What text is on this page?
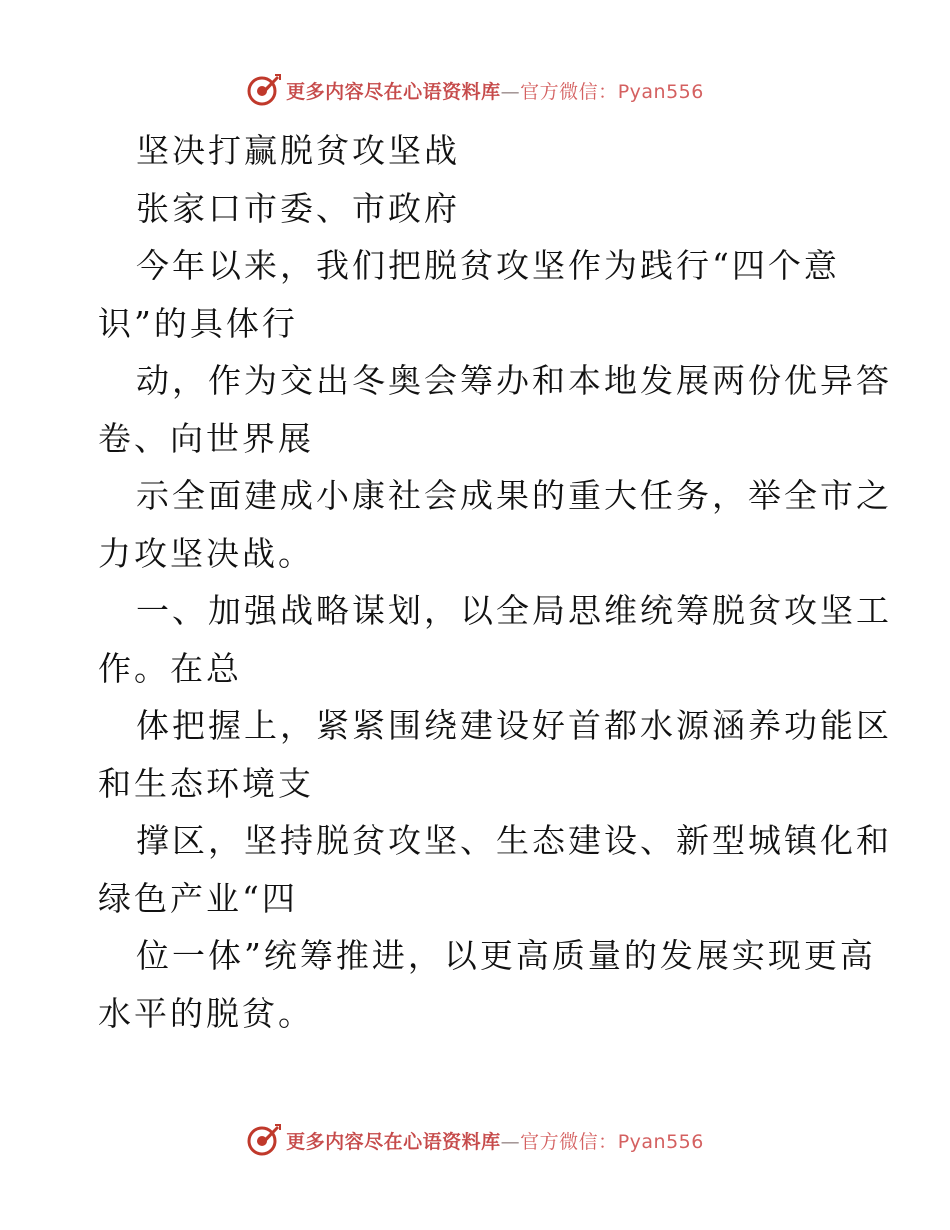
更多内容尽在心语资料库—官方微信：Pyan556
坚决打赢脱贫攻坚战
张家口市委、市政府
今年以来，我们把脱贫攻坚作为践行“四个意
识”的具体行
动，作为交出冬奥会筹办和本地发展两份优异答
卷、向世界展
示全面建成小康社会成果的重大任务，举全市之
力攻坚决战。
一、加强战略谋划，以全局思维统筹脱贫攻坚工
作。在总
体把握上，紧紧围绕建设好首都水源涵养功能区
和生态环境支
撑区，坚持脱贫攻坚、生态建设、新型城镇化和
绿色产业“四
位一体”统筹推进，以更高质量的发展实现更高
水平的脱贫。
更多内容尽在心语资料库—官方微信：Pyan556
